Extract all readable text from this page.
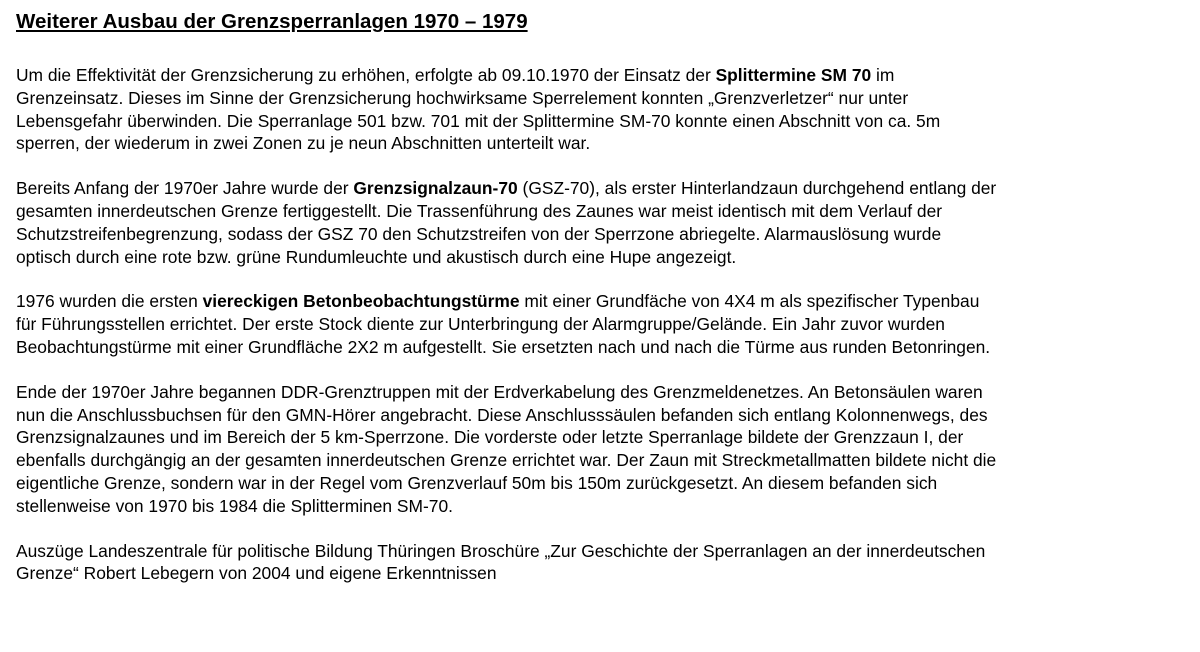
Weiterer Ausbau der Grenzsperranlagen 1970 – 1979

Um die Effektivität der Grenzsicherung zu erhöhen, erfolgte ab 09.10.1970 der Einsatz der Splittermine SM 70 im
Grenzeinsatz. Dieses im Sinne der Grenzsicherung hochwirksame Sperrelement konnten „Grenzverletzer“ nur unter
Lebensgefahr überwinden. Die Sperranlage 501 bzw. 701 mit der Splittermine SM-70 konnte einen Abschnitt von ca. 5m
sperren, der wiederum in zwei Zonen zu je neun Abschnitten unterteilt war.

Bereits Anfang der 1970er Jahre wurde der Grenzsignalzaun-70 (GSZ-70), als erster Hinterlandzaun durchgehend entlang der
gesamten innerdeutschen Grenze fertiggestellt. Die Trassenführung des Zaunes war meist identisch mit dem Verlauf der
Schutzstreifenbegrenzung, sodass der GSZ 70 den Schutzstreifen von der Sperrzone abriegelte. Alarmauslösung wurde
optisch durch eine rote bzw. grüne Rundumleuchte und akustisch durch eine Hupe angezeigt.

1976 wurden die ersten viereckigen Betonbeobachtungstürme mit einer Grundfäche von 4X4 m als spezifischer Typenbau
für Führungsstellen errichtet. Der erste Stock diente zur Unterbringung der Alarmgruppe/Gelände. Ein Jahr zuvor wurden
Beobachtungstürme mit einer Grundfläche 2X2 m aufgestellt. Sie ersetzten nach und nach die Türme aus runden Betonringen.

Ende der 1970er Jahre begannen DDR-Grenztruppen mit der Erdverkabelung des Grenzmeldenetzes. An Betonsäulen waren
nun die Anschlussbuchsen für den GMN-Hörer angebracht. Diese Anschlusssäulen befanden sich entlang Kolonnenwegs, des
Grenzsignalzaunes und im Bereich der 5 km-Sperrzone. Die vorderste oder letzte Sperranlage bildete der Grenzzaun I, der
ebenfalls durchgängig an der gesamten innerdeutschen Grenze errichtet war. Der Zaun mit Streckmetallmatten bildete nicht die
eigentliche Grenze, sondern war in der Regel vom Grenzverlauf 50m bis 150m zurückgesetzt. An diesem befanden sich
stellenweise von 1970 bis 1984 die Splitterminen SM-70.

Auszüge Landeszentrale für politische Bildung Thüringen Broschüre „Zur Geschichte der Sperranlagen an der innerdeutschen
Grenze“ Robert Lebegern von 2004 und eigene Erkenntnissen
